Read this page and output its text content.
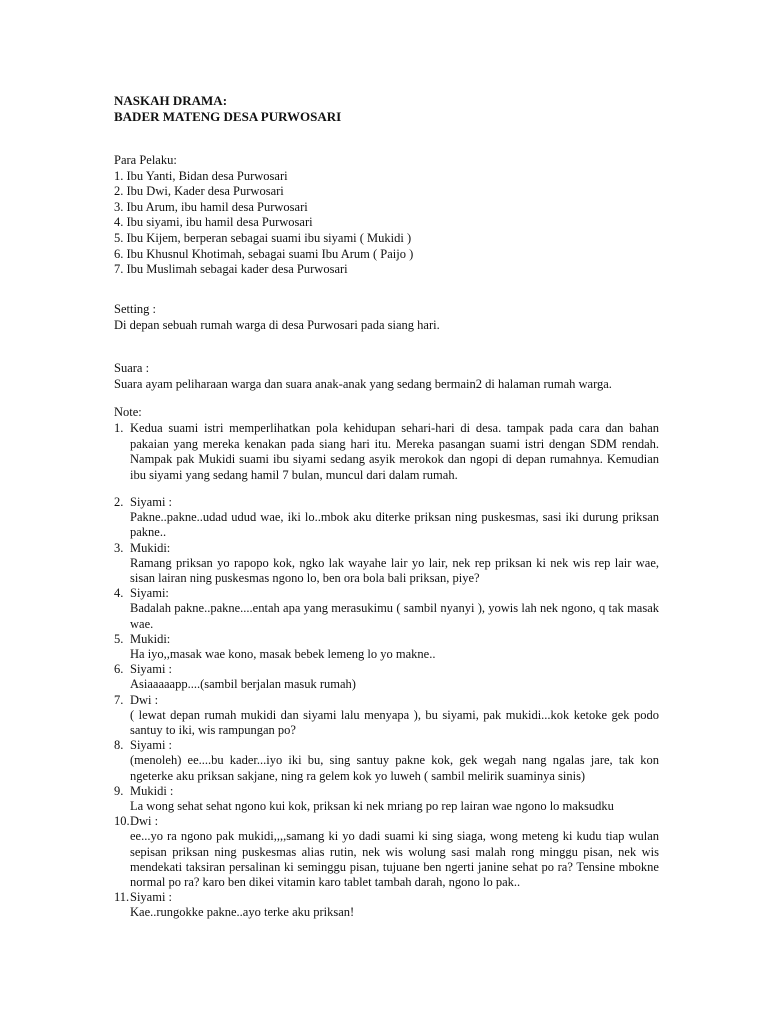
NASKAH DRAMA:
BADER MATENG DESA PURWOSARI
Para Pelaku:
1. Ibu Yanti, Bidan desa Purwosari
2. Ibu Dwi, Kader desa Purwosari
3. Ibu Arum, ibu hamil desa Purwosari
4. Ibu siyami, ibu hamil desa Purwosari
5. Ibu Kijem, berperan sebagai suami ibu siyami ( Mukidi )
6. Ibu Khusnul Khotimah, sebagai suami Ibu Arum ( Paijo )
7. Ibu Muslimah sebagai kader desa Purwosari
Setting :
Di depan sebuah rumah warga di desa Purwosari pada siang hari.
Suara :
Suara ayam peliharaan warga dan suara anak-anak yang sedang bermain2 di halaman rumah warga.
Note:
1. Kedua suami istri memperlihatkan pola kehidupan sehari-hari di desa. tampak pada cara dan bahan pakaian yang mereka kenakan pada siang hari itu. Mereka pasangan suami istri dengan SDM rendah. Nampak pak Mukidi suami ibu siyami sedang asyik merokok dan ngopi di depan rumahnya. Kemudian ibu siyami yang sedang hamil 7 bulan, muncul dari dalam rumah.
2. Siyami :
Pakne..pakne..udad udud wae, iki lo..mbok aku diterke priksan ning puskesmas, sasi iki durung priksan pakne..
3. Mukidi:
Ramang priksan yo rapopo kok, ngko lak wayahe lair yo lair, nek rep priksan ki nek wis rep lair wae, sisan lairan ning puskesmas ngono lo, ben ora bola bali priksan, piye?
4. Siyami:
Badalah pakne..pakne....entah apa yang merasukimu ( sambil nyanyi ), yowis lah nek ngono, q tak masak wae.
5. Mukidi:
Ha iyo,,masak wae kono, masak bebek lemeng lo yo makne..
6. Siyami :
Asiaaaaapp....(sambil berjalan masuk rumah)
7. Dwi :
( lewat depan rumah mukidi dan siyami lalu menyapa ), bu siyami, pak mukidi...kok ketoke gek podo santuy to iki, wis rampungan po?
8. Siyami :
(menoleh) ee....bu kader...iyo iki bu, sing santuy pakne kok, gek wegah nang ngalas jare, tak kon ngeterke aku priksan sakjane, ning ra gelem kok yo luweh ( sambil melirik suaminya sinis)
9. Mukidi :
La wong sehat sehat ngono kui kok, priksan ki nek mriang po rep lairan wae ngono lo maksudku
10. Dwi :
ee...yo ra ngono pak mukidi,,,,samang ki yo dadi suami ki sing siaga, wong meteng ki kudu tiap wulan sepisan priksan ning puskesmas alias rutin, nek wis wolung sasi malah rong minggu pisan, nek wis mendekati taksiran persalinan ki seminggu pisan, tujuane ben ngerti janine sehat po ra? Tensine mbokne normal po ra? karo ben dikei vitamin karo tablet tambah darah, ngono lo pak..
11. Siyami :
Kae..rungokke pakne..ayo terke aku priksan!
